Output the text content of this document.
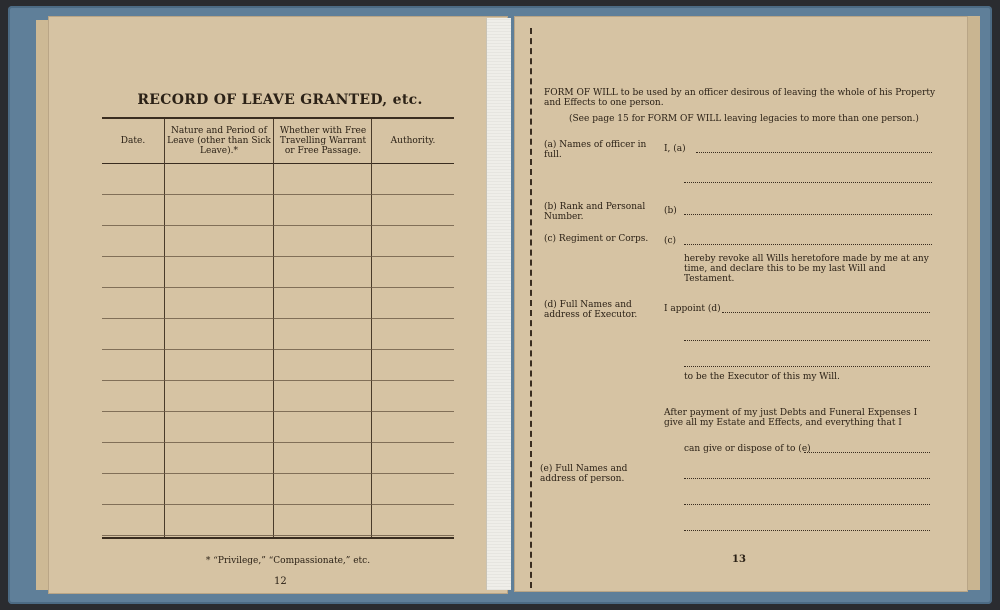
RECORD OF LEAVE GRANTED, etc.
Date.
Nature and Period of Leave (other than Sick Leave).*
Whether with Free Travelling Warrant or Free Passage.
Authority.
* “Privilege,” “Compassionate,” etc.
12
FORM OF WILL to be used by an officer desirous of leaving the whole of his Property and Effects to one person.
(See page 15 for FORM OF WILL leaving legacies to more than one person.)
(a) Names of officer in full.
I, (a)
(b) Rank and Personal Number.
(b)
(c) Regiment or Corps.	(c)
hereby revoke all Wills heretofore made by me at any time, and declare this to be my last Will and Testament.
(d) Full Names and address of Executor.
I appoint (d)
to be the Executor of this my Will.
After payment of my just Debts and Funeral Expenses I give all my Estate and Effects, and everything that I
can give or dispose of to (e)
(e) Full Names and address of person.
13
